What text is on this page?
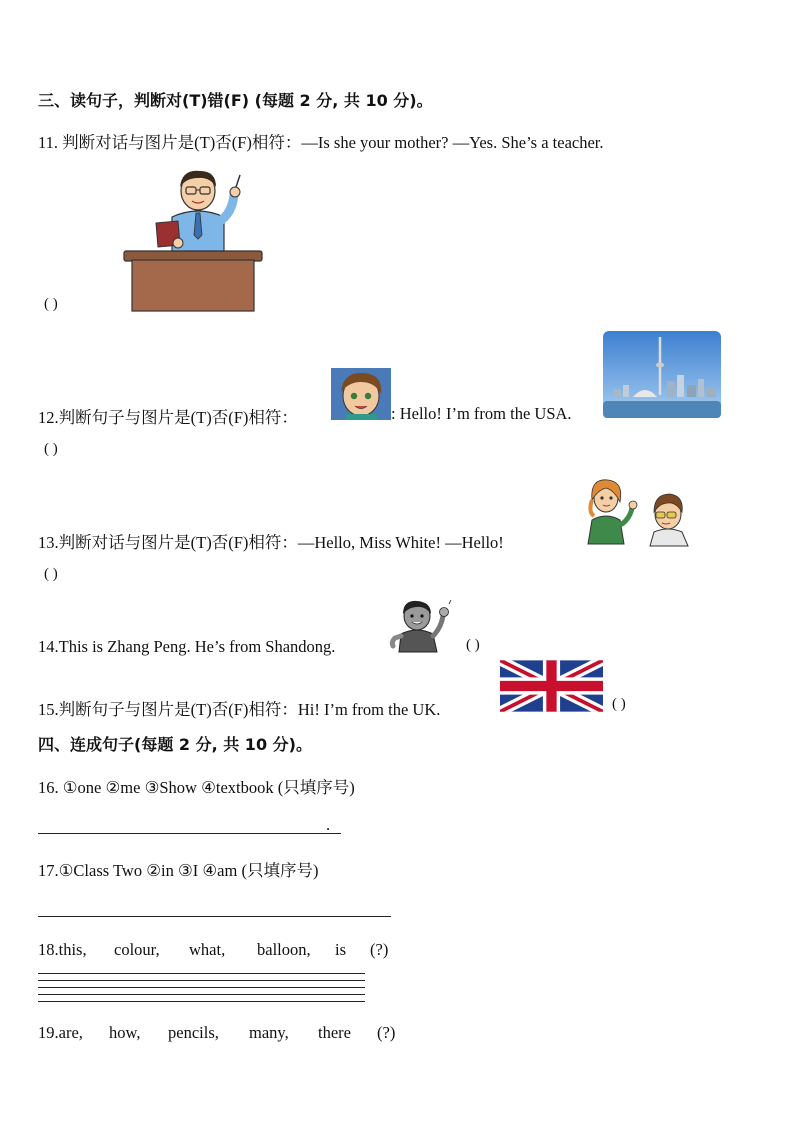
三、读句子，判断对(T)错(F) (每题 2 分, 共 10 分)。
11. 判断对话与图片是(T)否(F)相符：—Is she your mother? —Yes. She’s a teacher.
( )
12.判断句子与图片是(T)否(F)相符：	: Hello! I’m from the USA.
( )
13.判断对话与图片是(T)否(F)相符：—Hello, Miss White! —Hello!
( )
14.This is Zhang Peng. He’s from Shandong.	( )
15.判断句子与图片是(T)否(F)相符：Hi! I’m from the UK.	( )
四、连成句子(每题 2 分, 共 10 分)。
16. ①one ②me ③Show ④textbook (只填序号)
.
17.①Class Two ②in ③I ④am (只填序号)
18.this, colour, what, balloon, is (?)
19.are, how, pencils, many, there (?)
